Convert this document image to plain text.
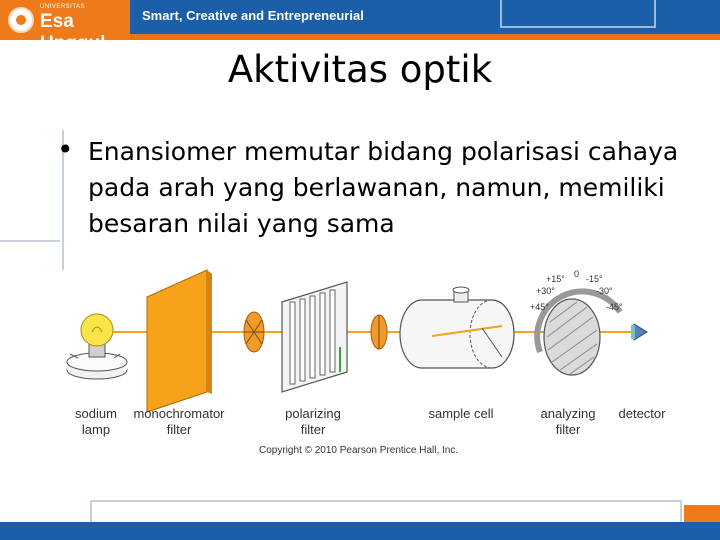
UNIVERSITAS
Esa Unggul
Smart, Creative and Entrepreneurial
Aktivitas optik
• Enansiomer memutar bidang polarisasi cahaya pada arah yang berlawanan, namun, memiliki besaran nilai yang sama
+15° 0 -15°
+30°	-30°
+45°	-45°
sodium
lamp
monochromator
filter
polarizing
filter
sample cell	analyzing
filter
detector
Copyright © 2010 Pearson Prentice Hall, Inc.
